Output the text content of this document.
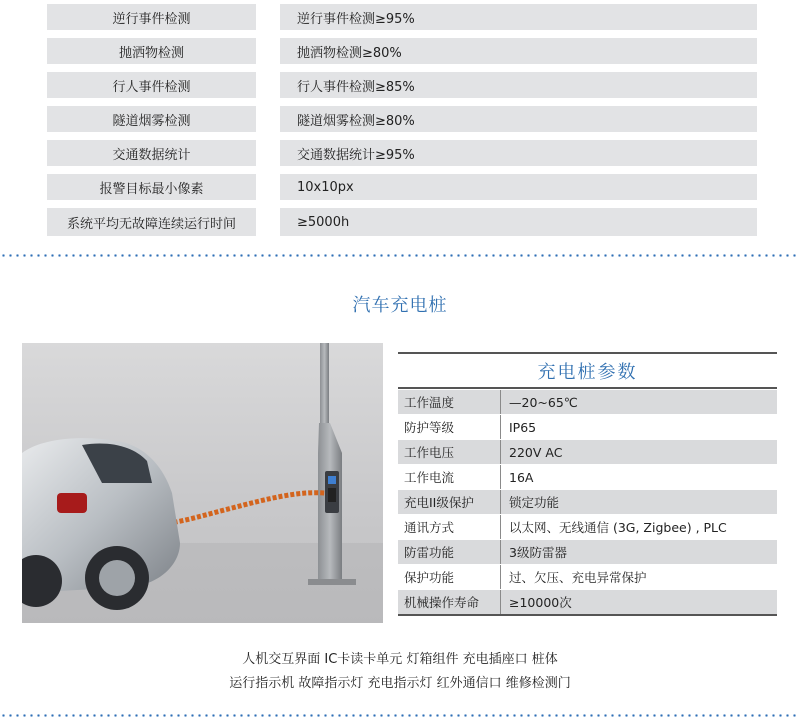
逆行事件检测	逆行事件检测≥95%
抛洒物检测	抛洒物检测≥80%
行人事件检测	行人事件检测≥85%
隧道烟雾检测	隧道烟雾检测≥80%
交通数据统计	交通数据统计≥95%
报警目标最小像素	10x10px
系统平均无故障连续运行时间	≥5000h
汽车充电桩
充电桩参数
工作温度	—20~65℃
防护等级	IP65
工作电压	220V AC
工作电流	16A
充电II级保护	锁定功能
通讯方式	以太网、无线通信 (3G, Zigbee) , PLC
防雷功能	3级防雷器
保护功能	过、欠压、充电异常保护
机械操作寿命	≥10000次
人机交互界面 IC卡读卡单元 灯箱组件 充电插座口 桩体
运行指示机 故障指示灯 充电指示灯 红外通信口 维修检测门
